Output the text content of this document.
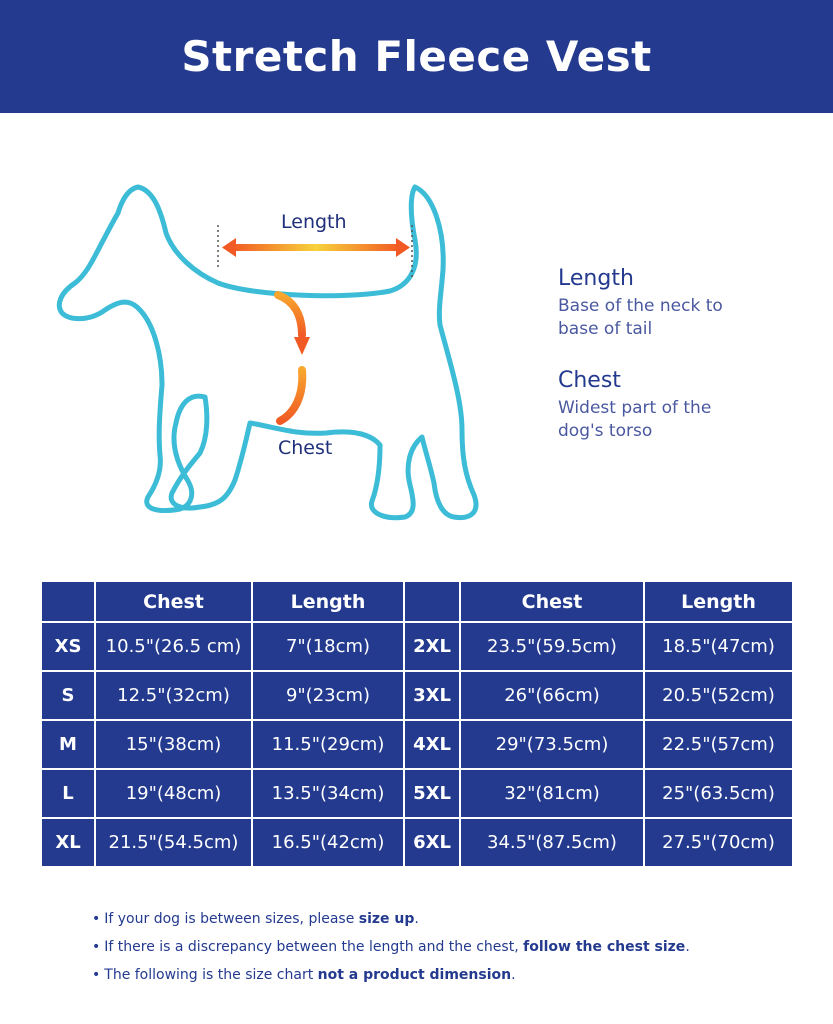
Stretch Fleece Vest
Length
Chest

Length

Base of the neck to

base of tail

Chest

Widest part of the

dog's torso

	Chest	Length		Chest	Length
XS	10.5"(26.5 cm)	7"(18cm)	2XL	23.5"(59.5cm)	18.5"(47cm)
S	12.5"(32cm)	9"(23cm)	3XL	26"(66cm)	20.5"(52cm)
M	15"(38cm)	11.5"(29cm)	4XL	29"(73.5cm)	22.5"(57cm)
L	19"(48cm)	13.5"(34cm)	5XL	32"(81cm)	25"(63.5cm)
XL	21.5"(54.5cm)	16.5"(42cm)	6XL	34.5"(87.5cm)	27.5"(70cm)
• If your dog is between sizes, please size up.
• If there is a discrepancy between the length and the chest, follow the chest size.
• The following is the size chart not a product dimension.
